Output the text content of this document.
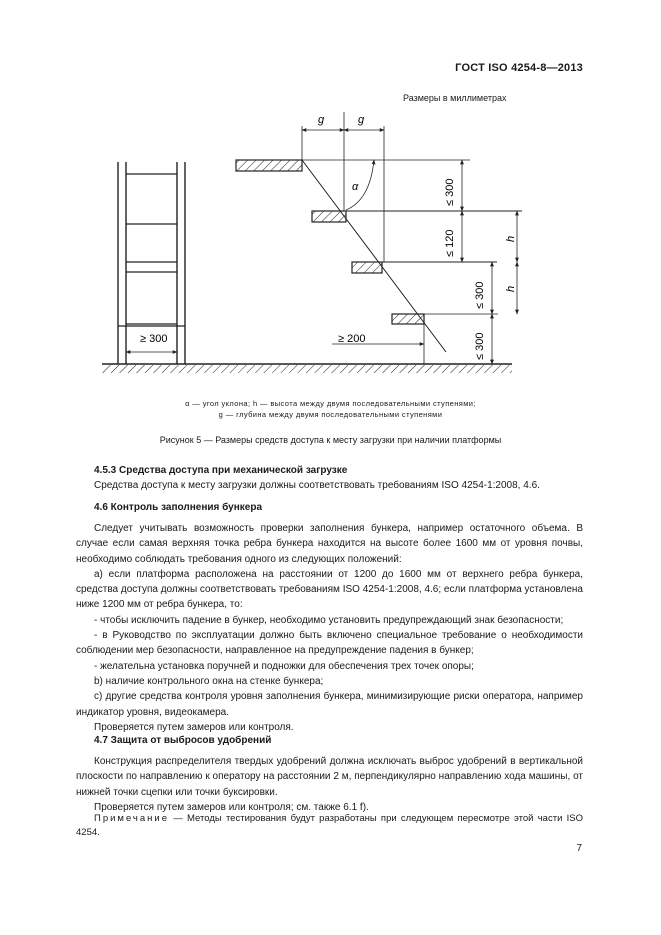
ГОСТ ISO 4254-8—2013
Размеры в миллиметрах
≥ 300
g	g
α
≥ 200
≤ 300
≤ 120	h
≤ 300 h
≤ 300
α — угол уклона; h — высота между двумя последовательными ступенями;
g — глубина между двумя последовательными ступенями
Рисунок 5 — Размеры средств доступа к месту загрузки при наличии платформы

4.5.3 Средства доступа при механической загрузке

Средства доступа к месту загрузки должны соответствовать требованиям ISO 4254-1:2008, 4.6.

4.6 Контроль заполнения бункера

Следует учитывать возможность проверки заполнения бункера, например остаточного объема. В случае если самая верхняя точка ребра бункера находится на высоте более 1600 мм от уровня почвы, необходимо соблюдать требования одного из следующих положений:

а) если платформа расположена на расстоянии от 1200 до 1600 мм от верхнего ребра бункера, средства доступа должны соответствовать требованиям ISO 4254-1:2008, 4.6; если платформа установлена ниже 1200 мм от ребра бункера, то:

- чтобы исключить падение в бункер, необходимо установить предупреждающий знак безопасности;

- в Руководство по эксплуатации должно быть включено специальное требование о необходимости соблюдении мер безопасности, направленное на предупреждение падения в бункер;

- желательна установка поручней и подножки для обеспечения трех точек опоры;

b) наличие контрольного окна на стенке бункера;

c) другие средства контроля уровня заполнения бункера, минимизирующие риски оператора, например индикатор уровня, видеокамера.

Проверяется путем замеров или контроля.

4.7 Защита от выбросов удобрений

Конструкция распределителя твердых удобрений должна исключать выброс удобрений в вертикальной плоскости по направлению к оператору на расстоянии 2 м, перпендикулярно направлению хода машины, от нижней точки сцепки или точки буксировки.

Проверяется путем замеров или контроля; см. также 6.1 f).

Примечание — Методы тестирования будут разработаны при следующем пересмотре этой части ISO 4254.

7
